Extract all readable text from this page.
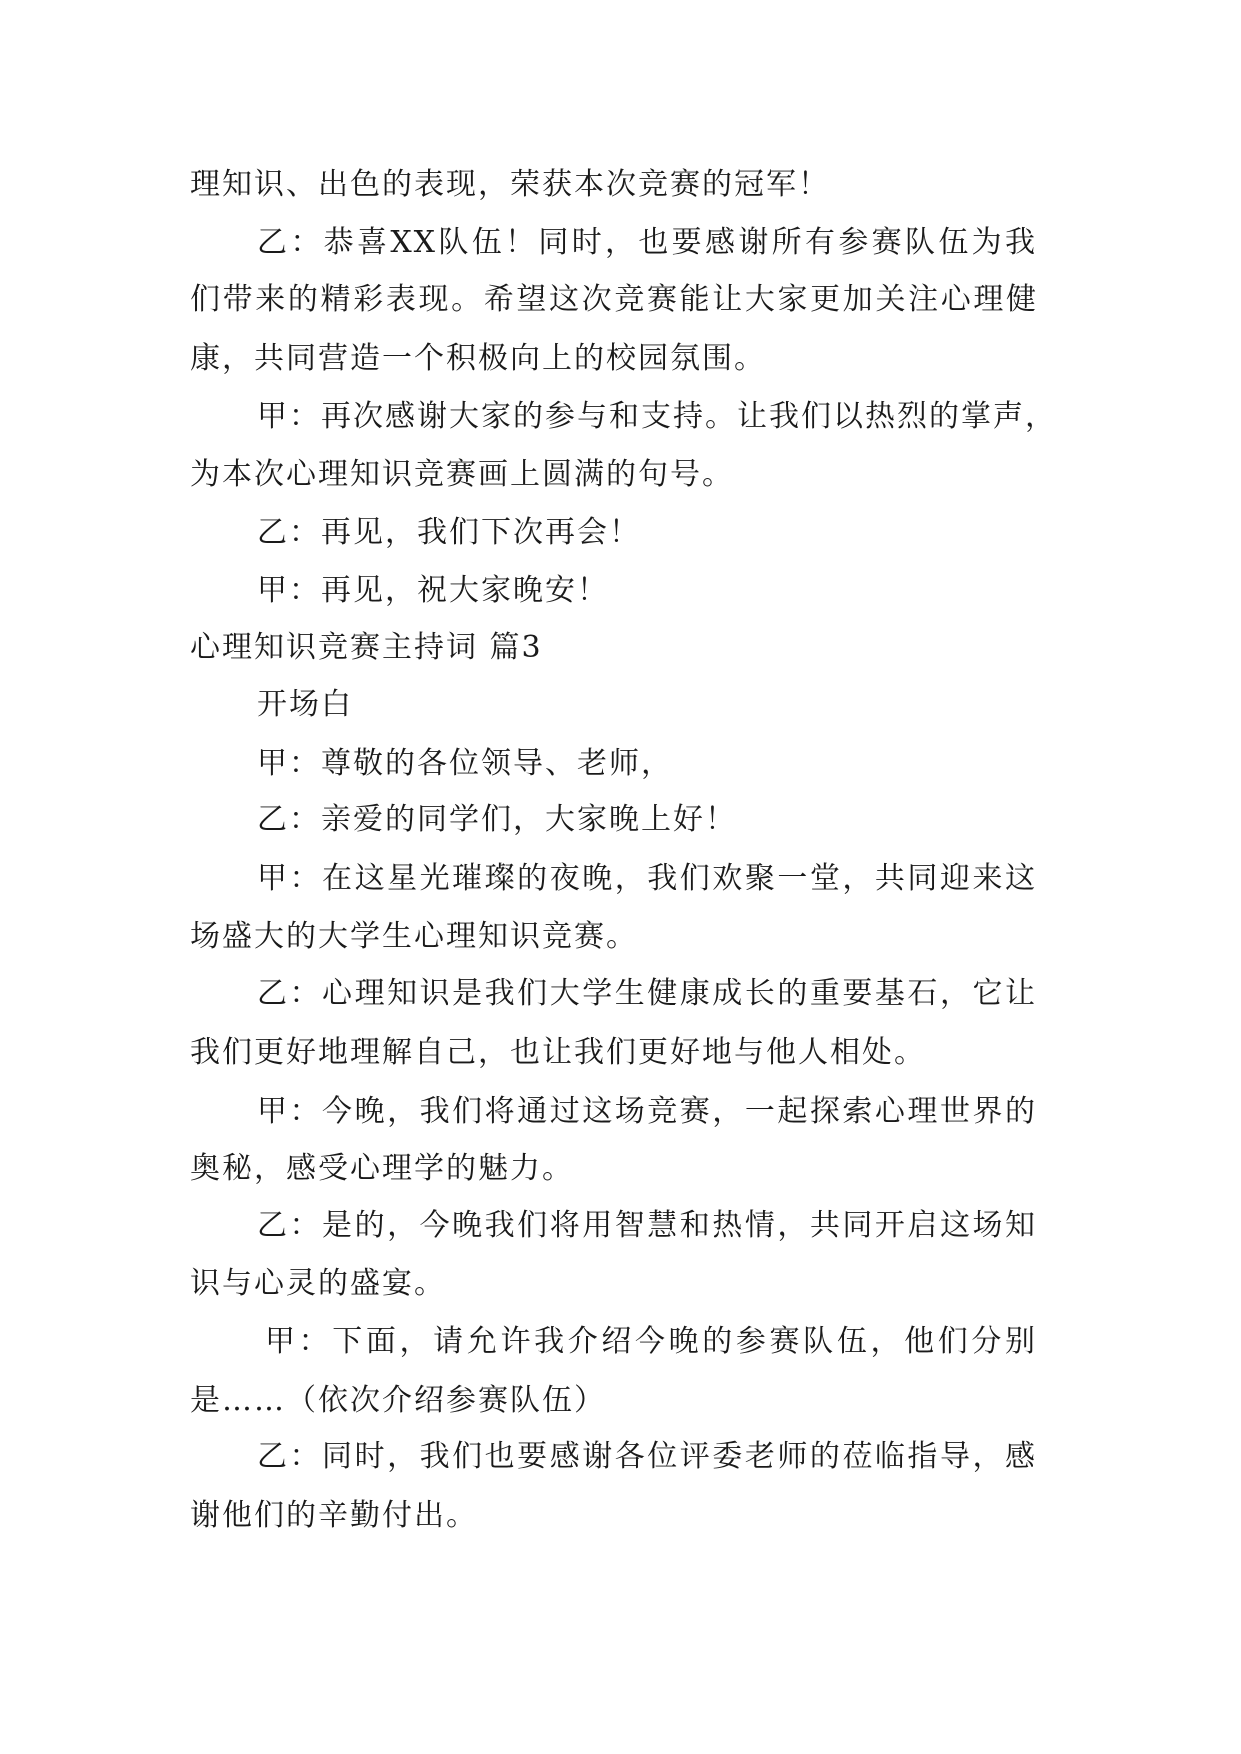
理知识、出色的表现，荣获本次竞赛的冠军！
乙：恭喜XX队伍！同时，也要感谢所有参赛队伍为我
们带来的精彩表现。希望这次竞赛能让大家更加关注心理健
康，共同营造一个积极向上的校园氛围。
甲：再次感谢大家的参与和支持。让我们以热烈的掌声，
为本次心理知识竞赛画上圆满的句号。
乙：再见，我们下次再会！
甲：再见，祝大家晚安！
心理知识竞赛主持词 篇3
开场白
甲：尊敬的各位领导、老师，
乙：亲爱的同学们，大家晚上好！
甲：在这星光璀璨的夜晚，我们欢聚一堂，共同迎来这
场盛大的大学生心理知识竞赛。
乙：心理知识是我们大学生健康成长的重要基石，它让
我们更好地理解自己，也让我们更好地与他人相处。
甲：今晚，我们将通过这场竞赛，一起探索心理世界的
奥秘，感受心理学的魅力。
乙：是的，今晚我们将用智慧和热情，共同开启这场知
识与心灵的盛宴。
甲：下面，请允许我介绍今晚的参赛队伍，他们分别
是……（依次介绍参赛队伍）
乙：同时，我们也要感谢各位评委老师的莅临指导，感
谢他们的辛勤付出。
